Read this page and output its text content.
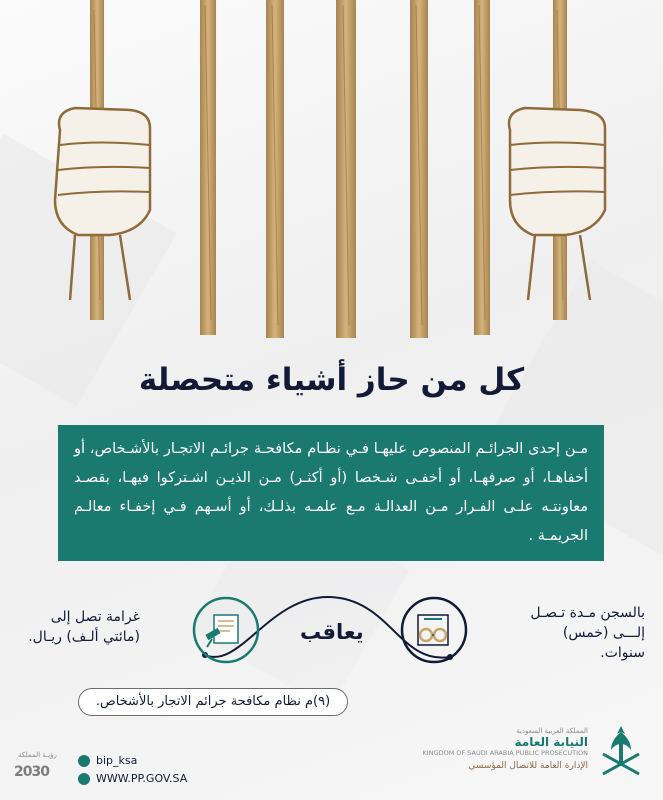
كل من حاز أشياء متحصلة
مـن إحدى الجرائـم المنصوص عليهـا فـي نظـام مكافحـة جرائـم الاتجـار بالأشـخاص، أو أخفاهـا، أو صرفهـا، أو أخفـى شـخصا (أو أكثـر) مـن الذيـن اشـتركوا فيهـا، بقصـد معاونتـه علـى الفـرار مـن العدالـة مـع علمـه بذلـك، أو أسـهم فـي إخفـاء معالـم الجريمـة .
غرامة تصل إلى (مائتي ألـف) ريـال.
بالسجن مـدة تـصـل إلـــى (خمس) سنوات.
يعاقب
(٩)م نظام مكافحة جرائم الاتجار بالأشخاص.
رؤيـة المملكة
2030
bip_ksa
WWW.PP.GOV.SA
المملكة العربية السعودية
النيابة العامة
KINGDOM OF SAUDI ARABIA PUBLIC PROSECUTION
الإدارة العامة للاتصال المؤسسي
